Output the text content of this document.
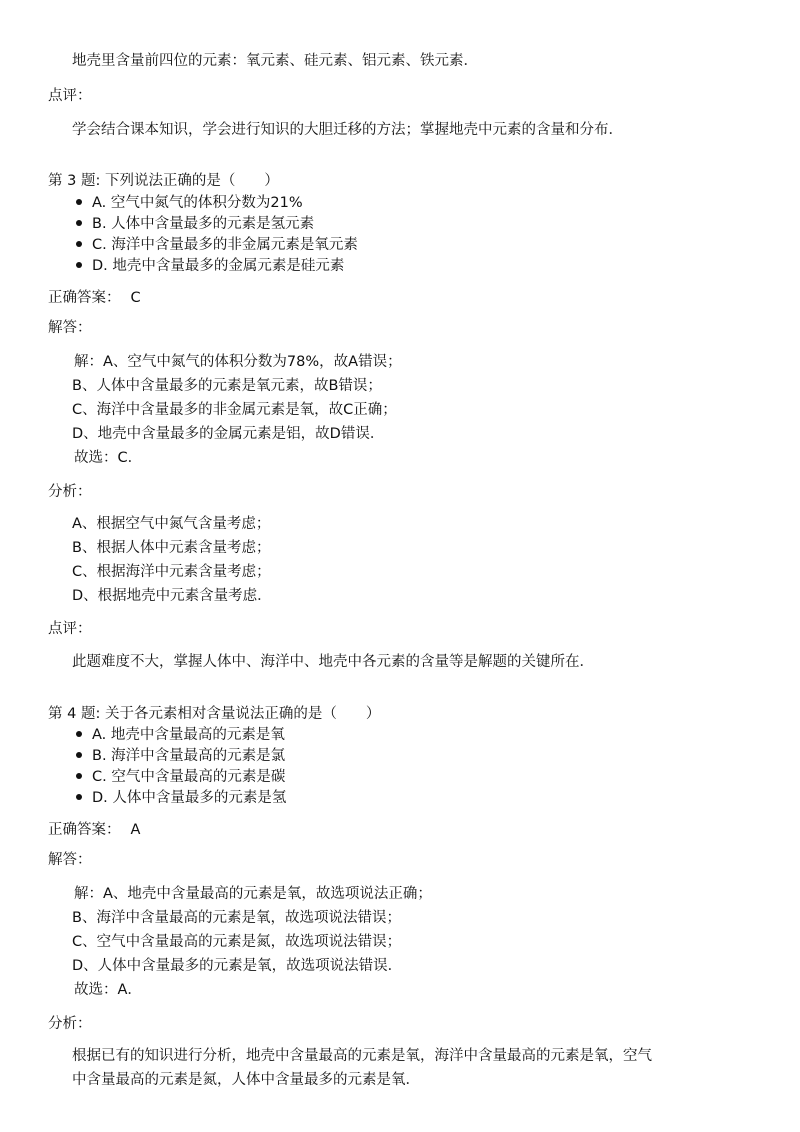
地壳里含量前四位的元素：氧元素、硅元素、铝元素、铁元素．
点评：
学会结合课本知识，学会进行知识的大胆迁移的方法；掌握地壳中元素的含量和分布．
第 3 题: 下列说法正确的是（　　）
A. 空气中氮气的体积分数为21%
B. 人体中含量最多的元素是氢元素
C. 海洋中含量最多的非金属元素是氧元素
D. 地壳中含量最多的金属元素是硅元素
正确答案： C
解答：
解：A、空气中氮气的体积分数为78%，故A错误；
B、人体中含量最多的元素是氧元素，故B错误；
C、海洋中含量最多的非金属元素是氧，故C正确；
D、地壳中含量最多的金属元素是铝，故D错误．
故选：C．
分析：
A、根据空气中氮气含量考虑；
B、根据人体中元素含量考虑；
C、根据海洋中元素含量考虑；
D、根据地壳中元素含量考虑．
点评：
此题难度不大，掌握人体中、海洋中、地壳中各元素的含量等是解题的关键所在．
第 4 题: 关于各元素相对含量说法正确的是（　　）
A. 地壳中含量最高的元素是氧
B. 海洋中含量最高的元素是氯
C. 空气中含量最高的元素是碳
D. 人体中含量最多的元素是氢
正确答案： A
解答：
解：A、地壳中含量最高的元素是氧，故选项说法正确；
B、海洋中含量最高的元素是氧，故选项说法错误；
C、空气中含量最高的元素是氮，故选项说法错误；
D、人体中含量最多的元素是氧，故选项说法错误．
故选：A．
分析：
根据已有的知识进行分析，地壳中含量最高的元素是氧，海洋中含量最高的元素是氧，空气
中含量最高的元素是氮，人体中含量最多的元素是氧．
